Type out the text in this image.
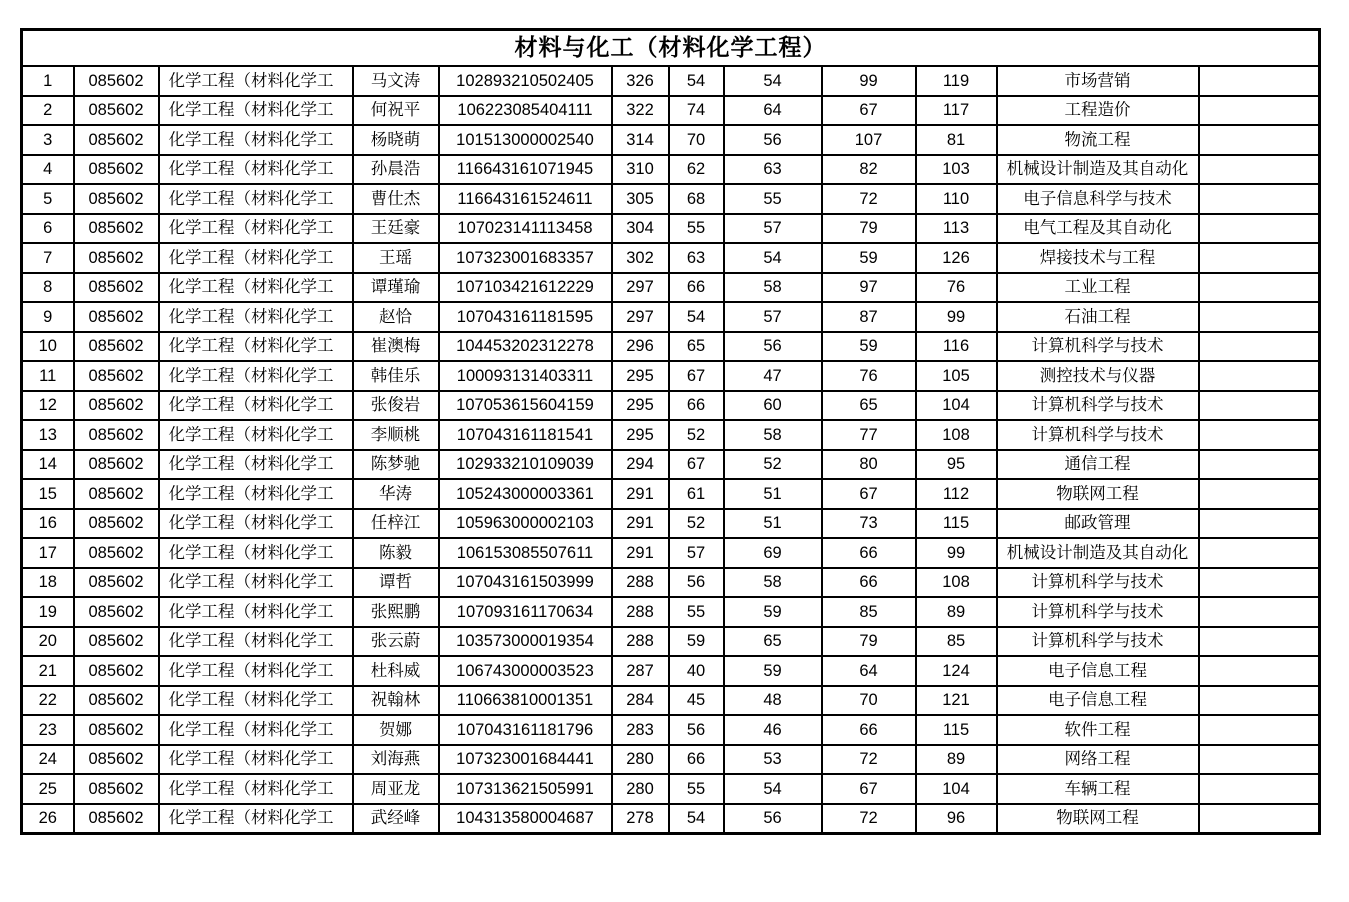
材料与化工（材料化学工程）											
1	085602	化学工程（材料化学工	马文涛	102893210502405	326	54	54	99	119	市场营销	
2	085602	化学工程（材料化学工	何祝平	106223085404111	322	74	64	67	117	工程造价	
3	085602	化学工程（材料化学工	杨晓萌	101513000002540	314	70	56	107	81	物流工程	
4	085602	化学工程（材料化学工	孙晨浩	116643161071945	310	62	63	82	103	机械设计制造及其自动化	
5	085602	化学工程（材料化学工	曹仕杰	116643161524611	305	68	55	72	110	电子信息科学与技术	
6	085602	化学工程（材料化学工	王廷豪	107023141113458	304	55	57	79	113	电气工程及其自动化	
7	085602	化学工程（材料化学工	王瑶	107323001683357	302	63	54	59	126	焊接技术与工程	
8	085602	化学工程（材料化学工	谭瑾瑜	107103421612229	297	66	58	97	76	工业工程	
9	085602	化学工程（材料化学工	赵恰	107043161181595	297	54	57	87	99	石油工程	
10	085602	化学工程（材料化学工	崔澳梅	104453202312278	296	65	56	59	116	计算机科学与技术	
11	085602	化学工程（材料化学工	韩佳乐	100093131403311	295	67	47	76	105	测控技术与仪器	
12	085602	化学工程（材料化学工	张俊岩	107053615604159	295	66	60	65	104	计算机科学与技术	
13	085602	化学工程（材料化学工	李顺桃	107043161181541	295	52	58	77	108	计算机科学与技术	
14	085602	化学工程（材料化学工	陈梦驰	102933210109039	294	67	52	80	95	通信工程	
15	085602	化学工程（材料化学工	华涛	105243000003361	291	61	51	67	112	物联网工程	
16	085602	化学工程（材料化学工	任梓江	105963000002103	291	52	51	73	115	邮政管理	
17	085602	化学工程（材料化学工	陈毅	106153085507611	291	57	69	66	99	机械设计制造及其自动化	
18	085602	化学工程（材料化学工	谭哲	107043161503999	288	56	58	66	108	计算机科学与技术	
19	085602	化学工程（材料化学工	张熙鹏	107093161170634	288	55	59	85	89	计算机科学与技术	
20	085602	化学工程（材料化学工	张云蔚	103573000019354	288	59	65	79	85	计算机科学与技术	
21	085602	化学工程（材料化学工	杜科威	106743000003523	287	40	59	64	124	电子信息工程	
22	085602	化学工程（材料化学工	祝翰林	110663810001351	284	45	48	70	121	电子信息工程	
23	085602	化学工程（材料化学工	贺娜	107043161181796	283	56	46	66	115	软件工程	
24	085602	化学工程（材料化学工	刘海燕	107323001684441	280	66	53	72	89	网络工程	
25	085602	化学工程（材料化学工	周亚龙	107313621505991	280	55	54	67	104	车辆工程	
26	085602	化学工程（材料化学工	武经峰	104313580004687	278	54	56	72	96	物联网工程	
